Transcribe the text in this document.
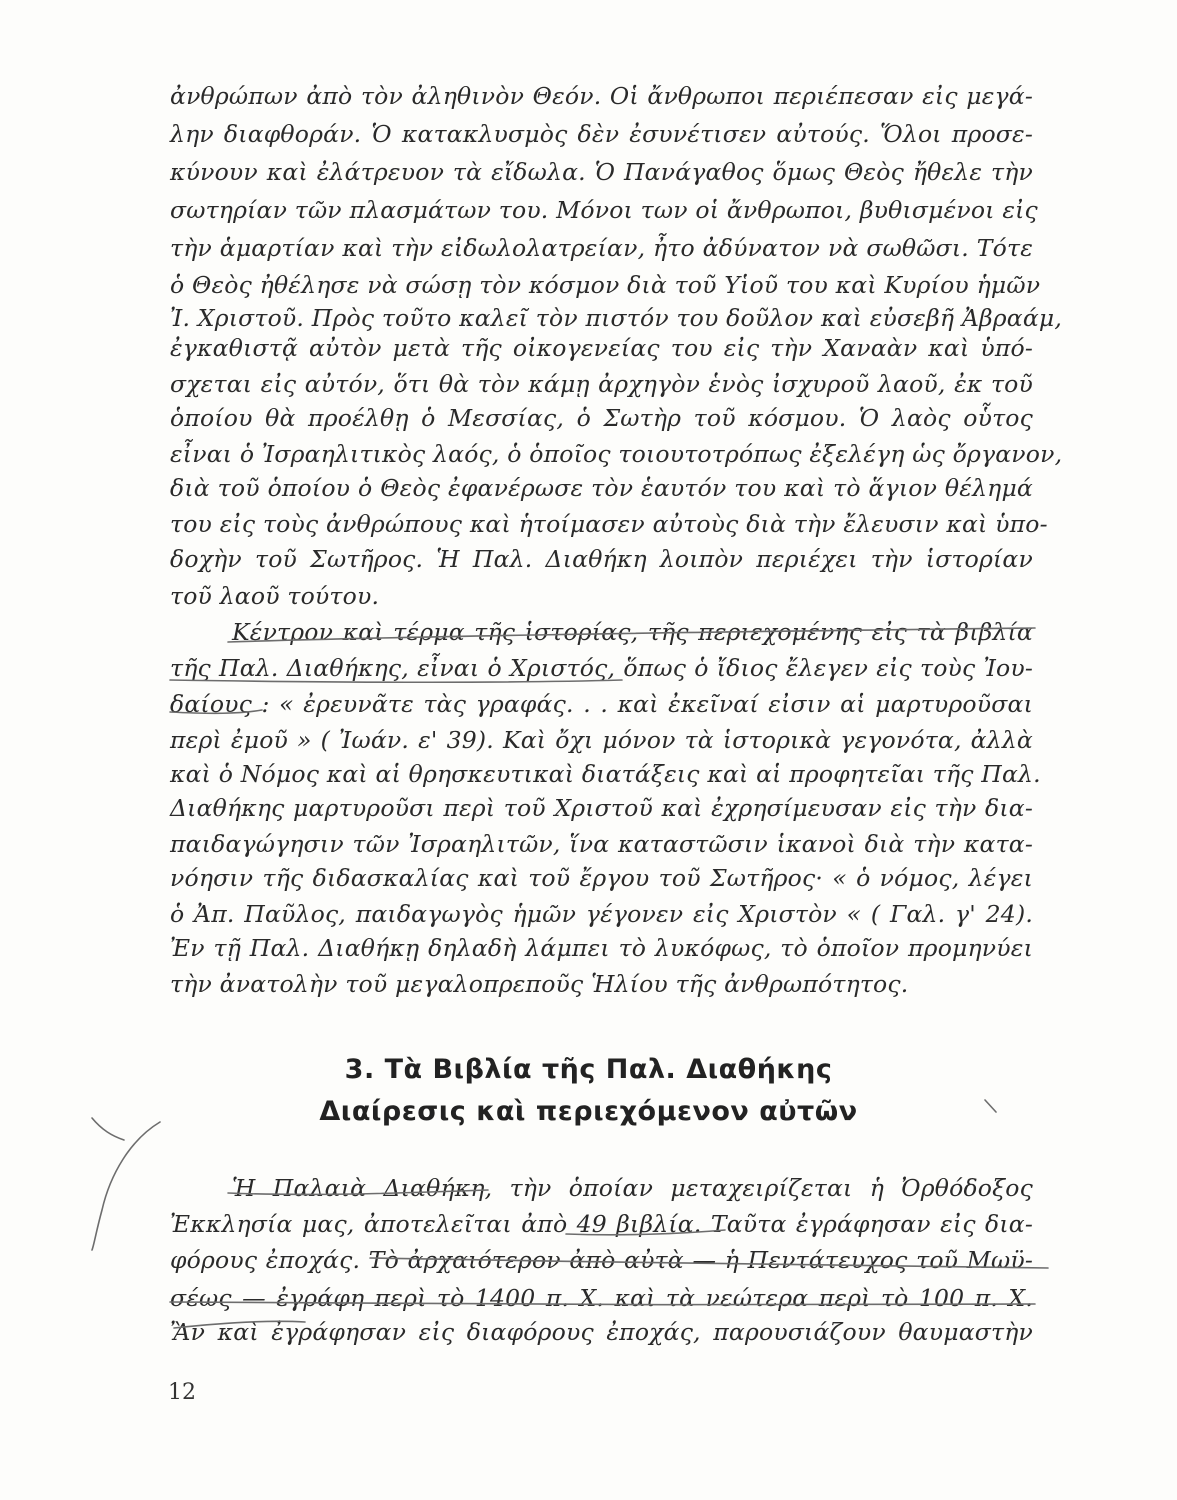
ἀνθρώπων ἀπὸ τὸν ἀληθινὸν Θεόν. Οἱ ἄνθρωποι περιέπεσαν εἰς μεγά-
λην διαφθοράν. Ὁ κατακλυσμὸς δὲν ἐσυνέτισεν αὐτούς. Ὅλοι προσε-
κύνουν καὶ ἐλάτρευον τὰ εἴδωλα. Ὁ Πανάγαθος ὅμως Θεὸς ἤθελε τὴν
σωτηρίαν τῶν πλασμάτων του. Μόνοι των οἱ ἄνθρωποι, βυθισμένοι εἰς
τὴν ἁμαρτίαν καὶ τὴν εἰδωλολατρείαν, ἦτο ἀδύνατον νὰ σωθῶσι. Τότε
ὁ Θεὸς ἠθέλησε νὰ σώσῃ τὸν κόσμον διὰ τοῦ Υἱοῦ του καὶ Κυρίου ἡμῶν
Ἰ. Χριστοῦ. Πρὸς τοῦτο καλεῖ τὸν πιστόν του δοῦλον καὶ εὐσεβῆ Ἀβραάμ,
ἐγκαθιστᾷ αὐτὸν μετὰ τῆς οἰκογενείας του εἰς τὴν Χαναὰν καὶ ὑπό-
σχεται εἰς αὐτόν, ὅτι θὰ τὸν κάμῃ ἀρχηγὸν ἑνὸς ἰσχυροῦ λαοῦ, ἐκ τοῦ
ὁποίου θὰ προέλθῃ ὁ Μεσσίας, ὁ Σωτὴρ τοῦ κόσμου. Ὁ λαὸς οὗτος
εἶναι ὁ Ἰσραηλιτικὸς λαός, ὁ ὁποῖος τοιουτοτρόπως ἐξελέγη ὡς ὄργανον,
διὰ τοῦ ὁποίου ὁ Θεὸς ἐφανέρωσε τὸν ἑαυτόν του καὶ τὸ ἅγιον θέλημά
του εἰς τοὺς ἀνθρώπους καὶ ἡτοίμασεν αὐτοὺς διὰ τὴν ἔλευσιν καὶ ὑπο-
δοχὴν τοῦ Σωτῆρος. Ἡ Παλ. Διαθήκη λοιπὸν περιέχει τὴν ἱστορίαν
τοῦ λαοῦ τούτου.
Κέντρον καὶ τέρμα τῆς ἱστορίας, τῆς περιεχομένης εἰς τὰ βιβλία
τῆς Παλ. Διαθήκης, εἶναι ὁ Χριστός, ὅπως ὁ ἴδιος ἔλεγεν εἰς τοὺς Ἰου-
δαίους : « ἐρευνᾶτε τὰς γραφάς. . . καὶ ἐκεῖναί εἰσιν αἱ μαρτυροῦσαι
περὶ ἐμοῦ » ( Ἰωάν. ε' 39). Καὶ ὄχι μόνον τὰ ἱστορικὰ γεγονότα, ἀλλὰ
καὶ ὁ Νόμος καὶ αἱ θρησκευτικαὶ διατάξεις καὶ αἱ προφητεῖαι τῆς Παλ.
Διαθήκης μαρτυροῦσι περὶ τοῦ Χριστοῦ καὶ ἐχρησίμευσαν εἰς τὴν δια-
παιδαγώγησιν τῶν Ἰσραηλιτῶν, ἵνα καταστῶσιν ἱκανοὶ διὰ τὴν κατα-
νόησιν τῆς διδασκαλίας καὶ τοῦ ἔργου τοῦ Σωτῆρος· « ὁ νόμος, λέγει
ὁ Ἀπ. Παῦλος, παιδαγωγὸς ἡμῶν γέγονεν εἰς Χριστὸν « ( Γαλ. γ' 24).
Ἐν τῇ Παλ. Διαθήκῃ δηλαδὴ λάμπει τὸ λυκόφως, τὸ ὁποῖον προμηνύει
τὴν ἀνατολὴν τοῦ μεγαλοπρεποῦς Ἡλίου τῆς ἀνθρωπότητος.
3. Τὰ Βιβλία τῆς Παλ. Διαθήκης
Διαίρεσις καὶ περιεχόμενον αὐτῶν
Ἡ Παλαιὰ Διαθήκη, τὴν ὁποίαν μεταχειρίζεται ἡ Ὀρθόδοξος
Ἐκκλησία μας, ἀποτελεῖται ἀπὸ 49 βιβλία. Ταῦτα ἐγράφησαν εἰς δια-
φόρους ἐποχάς. Τὸ ἀρχαιότερον ἀπὸ αὐτὰ — ἡ Πεντάτευχος τοῦ Μωϋ-
σέως — ἐγράφη περὶ τὸ 1400 π. Χ. καὶ τὰ νεώτερα περὶ τὸ 100 π. Χ.
Ἂν καὶ ἐγράφησαν εἰς διαφόρους ἐποχάς, παρουσιάζουν θαυμαστὴν
12
